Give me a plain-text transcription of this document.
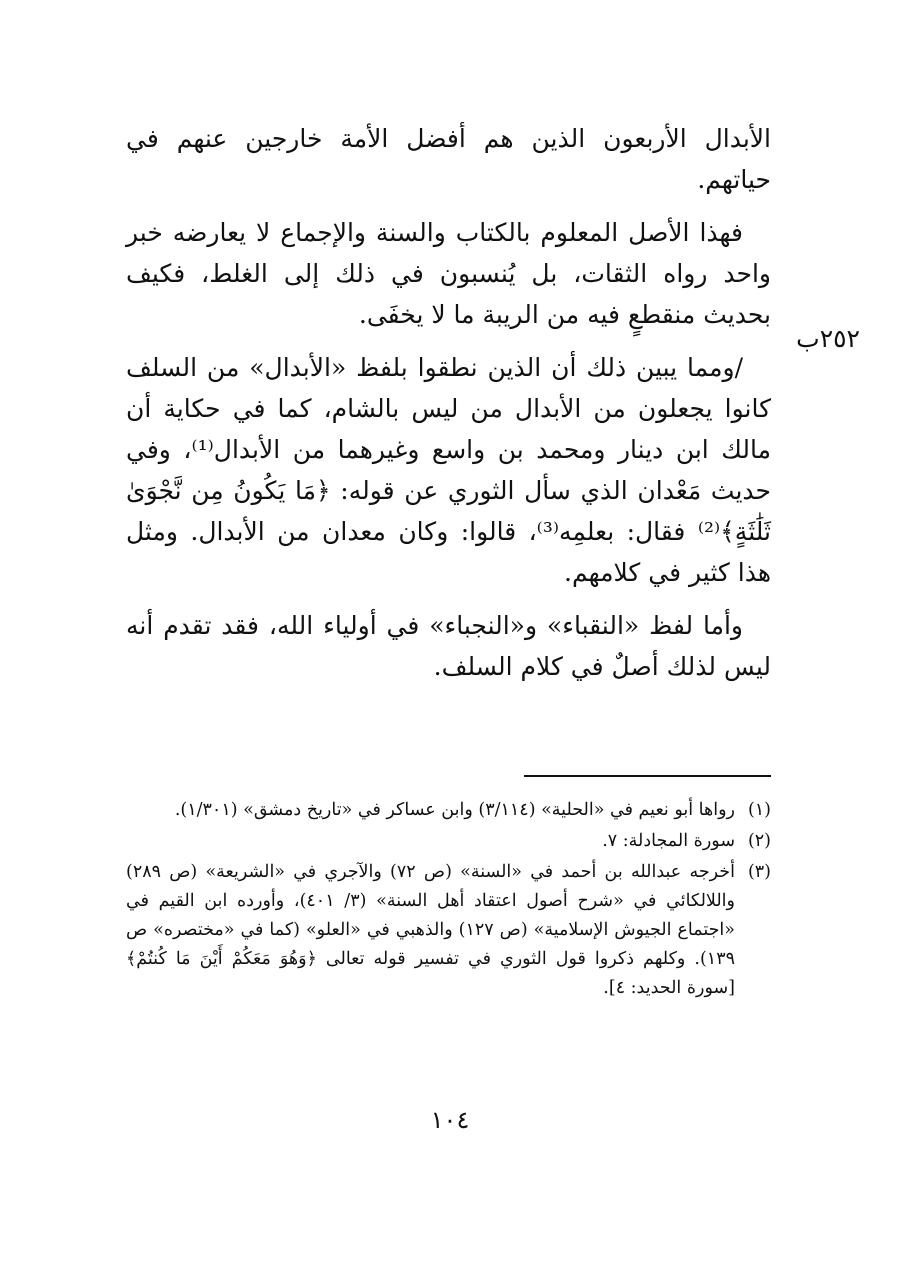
الأبدال الأربعون الذين هم أفضل الأمة خارجين عنهم في حياتهم.

فهذا الأصل المعلوم بالكتاب والسنة والإجماع لا يعارضه خبر واحد رواه الثقات، بل يُنسبون في ذلك إلى الغلط، فكيف بحديث منقطعٍ فيه من الريبة ما لا يخفَى.

/ومما يبين ذلك أن الذين نطقوا بلفظ «الأبدال» من السلف كانوا يجعلون من الأبدال من ليس بالشام، كما في حكاية أن مالك ابن دينار ومحمد بن واسع وغيرهما من الأبدال⁽¹⁾، وفي حديث مَعْدان الذي سأل الثوري عن قوله: ﴿مَا يَكُونُ مِن نَّجْوَىٰ ثَلَٰثَةٍ﴾⁽²⁾ فقال: بعلمِه⁽³⁾، قالوا: وكان معدان من الأبدال. ومثل هذا كثير في كلامهم.

وأما لفظ «النقباء» و«النجباء» في أولياء الله، فقد تقدم أنه ليس لذلك أصلٌ في كلام السلف.

٢٥٢ب
(١)
رواها أبو نعيم في «الحلية» (٣/١١٤) وابن عساكر في «تاريخ دمشق» (١/٣٠١).
(٢)
سورة المجادلة: ٧.
(٣)
أخرجه عبدالله بن أحمد في «السنة» (ص ٧٢) والآجري في «الشريعة» (ص ٢٨٩) واللالكائي في «شرح أصول اعتقاد أهل السنة» (٣/ ٤٠١)، وأورده ابن القيم في «اجتماع الجيوش الإسلامية» (ص ١٢٧) والذهبي في «العلو» (كما في «مختصره» ص ١٣٩). وكلهم ذكروا قول الثوري في تفسير قوله تعالى ﴿وَهُوَ مَعَكُمْ أَيْنَ مَا كُنتُمْ﴾ [سورة الحديد: ٤].
١٠٤
